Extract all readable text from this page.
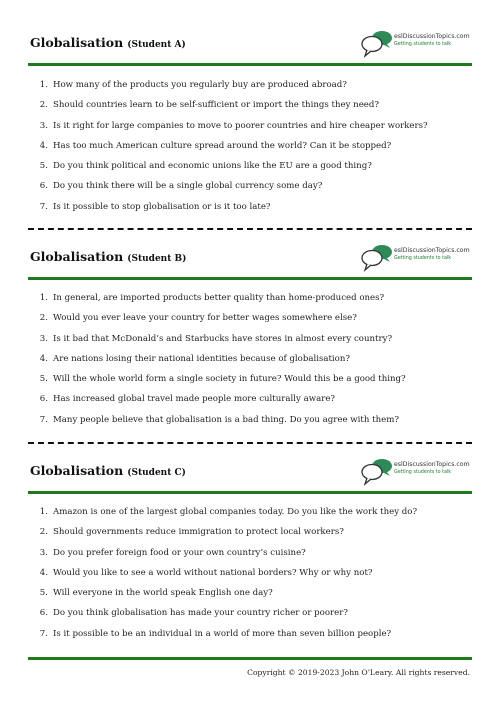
Globalisation (Student A)
eslDiscussionTopics.com
Getting students to talk
1. How many of the products you regularly buy are produced abroad?
2. Should countries learn to be self-sufficient or import the things they need?
3. Is it right for large companies to move to poorer countries and hire cheaper workers?
4. Has too much American culture spread around the world? Can it be stopped?
5. Do you think political and economic unions like the EU are a good thing?
6. Do you think there will be a single global currency some day?
7. Is it possible to stop globalisation or is it too late?
Globalisation (Student B)
eslDiscussionTopics.com
Getting students to talk
1. In general, are imported products better quality than home-produced ones?
2. Would you ever leave your country for better wages somewhere else?
3. Is it bad that McDonald’s and Starbucks have stores in almost every country?
4. Are nations losing their national identities because of globalisation?
5. Will the whole world form a single society in future? Would this be a good thing?
6. Has increased global travel made people more culturally aware?
7. Many people believe that globalisation is a bad thing. Do you agree with them?
Globalisation (Student C)
eslDiscussionTopics.com
Getting students to talk
1. Amazon is one of the largest global companies today. Do you like the work they do?
2. Should governments reduce immigration to protect local workers?
3. Do you prefer foreign food or your own country’s cuisine?
4. Would you like to see a world without national borders? Why or why not?
5. Will everyone in the world speak English one day?
6. Do you think globalisation has made your country richer or poorer?
7. Is it possible to be an individual in a world of more than seven billion people?
Copyright © 2019-2023 John O’Leary. All rights reserved.
